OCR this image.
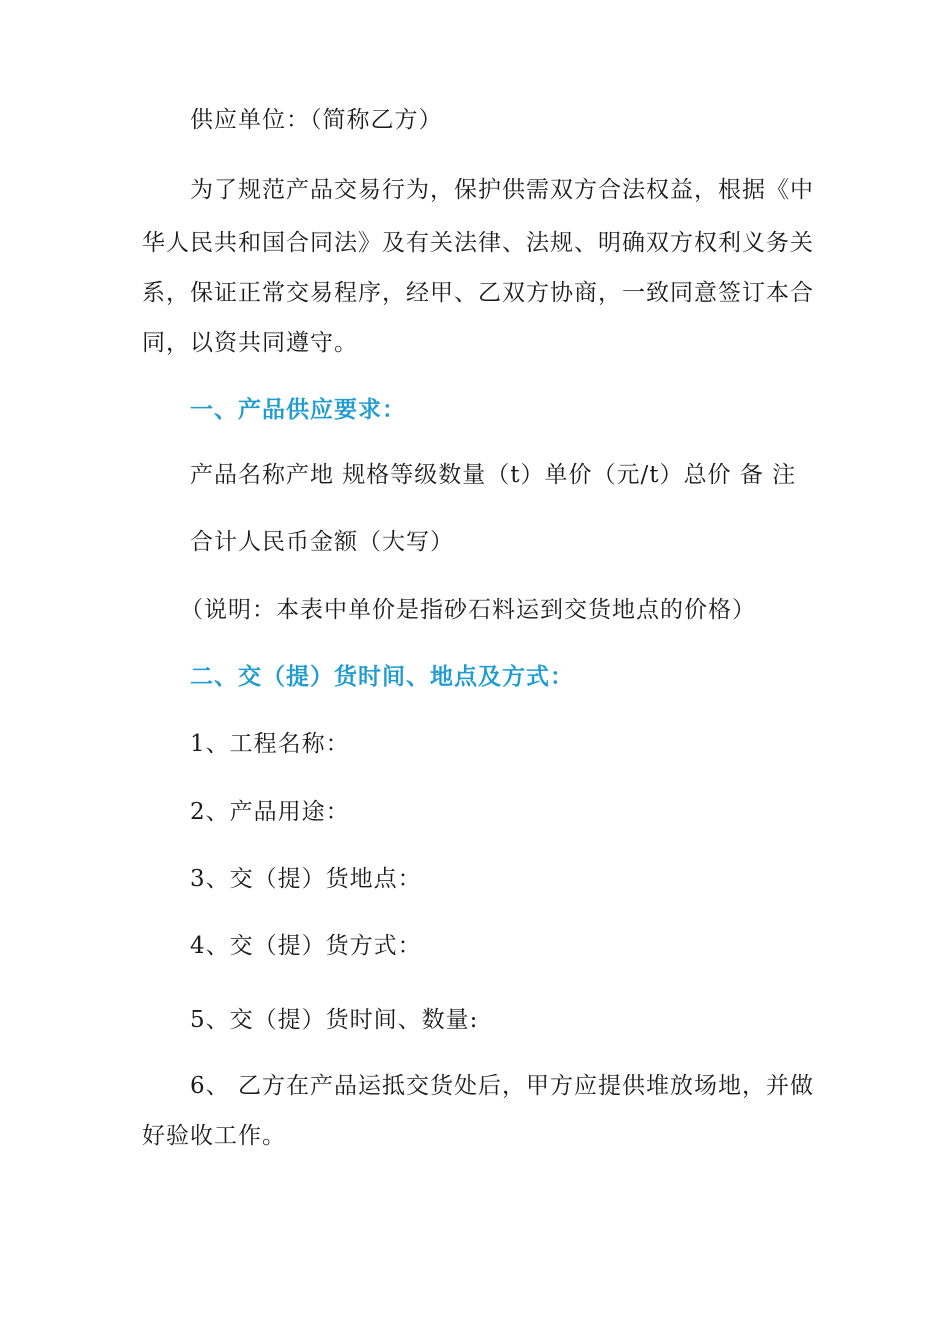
供应单位：（简称乙方）
为了规范产品交易行为，保护供需双方合法权益，根据《中
华人民共和国合同法》及有关法律、法规、明确双方权利义务关
系，保证正常交易程序，经甲、乙双方协商，一致同意签订本合
同，以资共同遵守。
一、产品供应要求：
产品名称产地 规格等级数量（t）单价（元/t）总价 备 注
合计人民币金额（大写）
（说明：本表中单价是指砂石料运到交货地点的价格）
二、交（提）货时间、地点及方式：
1、工程名称：
2、产品用途：
3、交（提）货地点：
4、交（提）货方式：
5、交（提）货时间、数量:
6、 乙方在产品运抵交货处后，甲方应提供堆放场地，并做
好验收工作。
